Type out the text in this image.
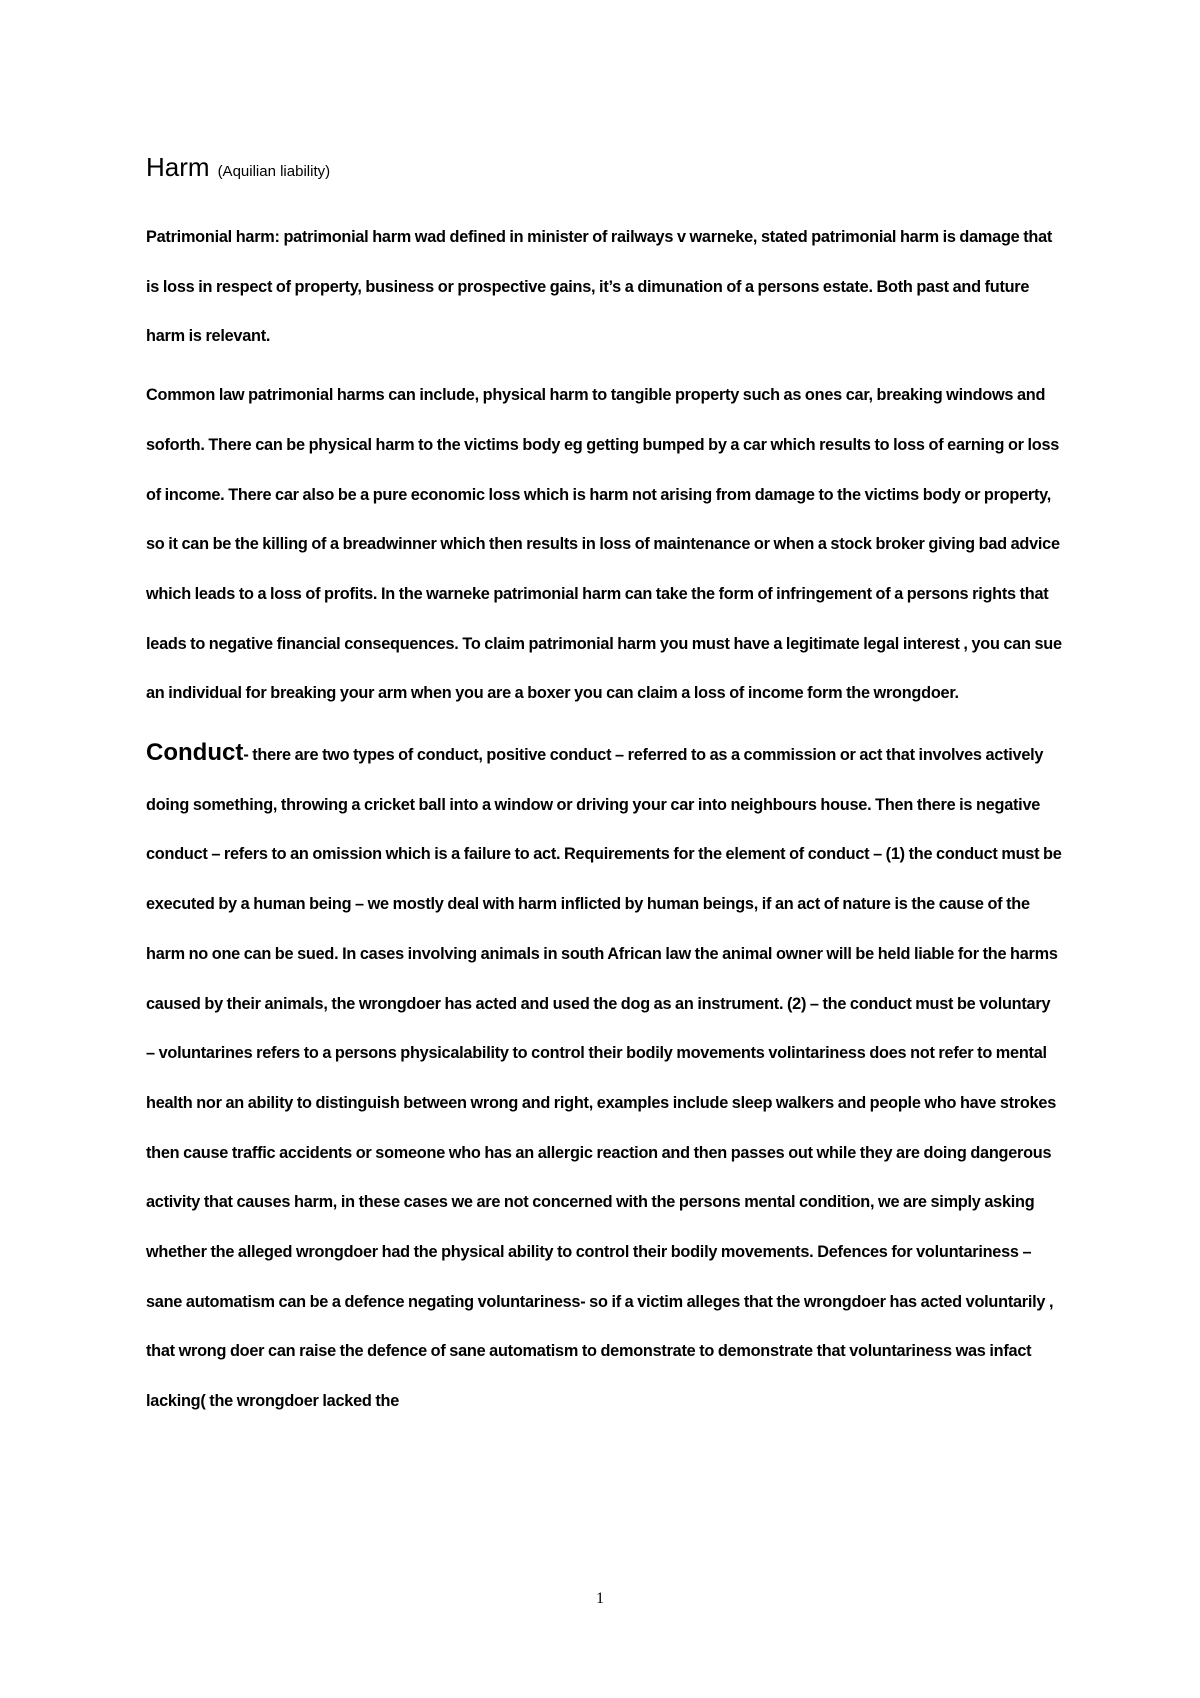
Harm (Aquilian liability)

Patrimonial harm: patrimonial harm wad defined in minister of railways v warneke, stated patrimonial harm is damage that is loss in respect of property, business or prospective gains, it’s a dimunation of a persons estate. Both past and future harm is relevant.

Common law patrimonial harms can include, physical harm to tangible property such as ones car, breaking windows and soforth. There can be physical harm to the victims body eg getting bumped by a car which results to loss of earning or loss of income. There car also be a pure economic loss which is harm not arising from damage to the victims body or property, so it can be the killing of a breadwinner which then results in loss of maintenance or when a stock broker giving bad advice which leads to a loss of profits. In the warneke patrimonial harm can take the form of infringement of a persons rights that leads to negative financial consequences. To claim patrimonial harm you must have a legitimate legal interest , you can sue an individual for breaking your arm when you are a boxer you can claim a loss of income form the wrongdoer.

Conduct- there are two types of conduct, positive conduct – referred to as a commission or act that involves actively doing something, throwing a cricket ball into a window or driving your car into neighbours house. Then there is negative conduct – refers to an omission which is a failure to act. Requirements for the element of conduct – (1) the conduct must be executed by a human being – we mostly deal with harm inflicted by human beings, if an act of nature is the cause of the harm no one can be sued. In cases involving animals in south African law the animal owner will be held liable for the harms caused by their animals, the wrongdoer has acted and used the dog as an instrument. (2) – the conduct must be voluntary – voluntarines refers to a persons physicalability to control their bodily movements volintariness does not refer to mental health nor an ability to distinguish between wrong and right, examples include sleep walkers and people who have strokes then cause traffic accidents or someone who has an allergic reaction and then passes out while they are doing dangerous activity that causes harm, in these cases we are not concerned with the persons mental condition, we are simply asking whether the alleged wrongdoer had the physical ability to control their bodily movements. Defences for voluntariness – sane automatism can be a defence negating voluntariness- so if a victim alleges that the wrongdoer has acted voluntarily , that wrong doer can raise the defence of sane automatism to demonstrate to demonstrate that voluntariness was infact lacking( the wrongdoer lacked the

1
